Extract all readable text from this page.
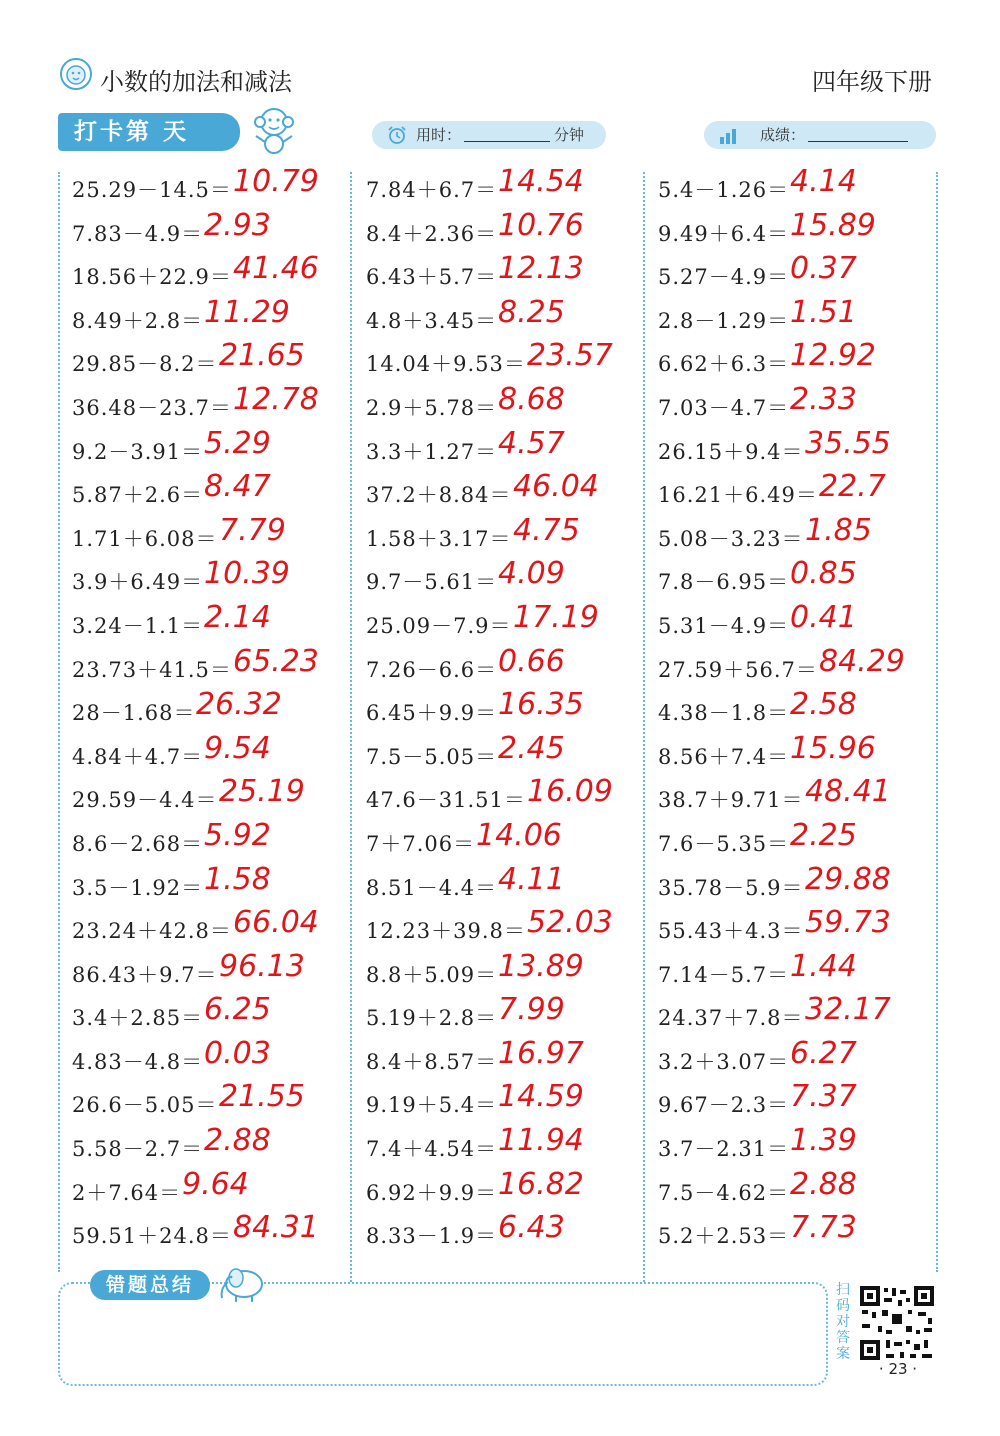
小数的加法和减法	四年级下册
打卡第 天	用时：	分钟	成绩：
25.29－14.5＝ 10.79
7.83－4.9＝ 2.93
18.56＋22.9＝ 41.46
8.49＋2.8＝ 11.29
29.85－8.2＝ 21.65
36.48－23.7＝ 12.78
9.2－3.91＝ 5.29
5.87＋2.6＝ 8.47
1.71＋6.08＝ 7.79
3.9＋6.49＝ 10.39
3.24－1.1＝ 2.14
23.73＋41.5＝ 65.23
28－1.68＝ 26.32
4.84＋4.7＝ 9.54
29.59－4.4＝ 25.19
8.6－2.68＝ 5.92
3.5－1.92＝ 1.58
23.24＋42.8＝ 66.04
86.43＋9.7＝ 96.13
3.4＋2.85＝ 6.25
4.83－4.8＝ 0.03
26.6－5.05＝ 21.55
5.58－2.7＝ 2.88
2＋7.64＝ 9.64
59.51＋24.8＝ 84.31
7.84＋6.7＝ 14.54
8.4＋2.36＝ 10.76
6.43＋5.7＝ 12.13
4.8＋3.45＝ 8.25
14.04＋9.53＝ 23.57
2.9＋5.78＝ 8.68
3.3＋1.27＝ 4.57
37.2＋8.84＝ 46.04
1.58＋3.17＝ 4.75
9.7－5.61＝ 4.09
25.09－7.9＝ 17.19
7.26－6.6＝ 0.66
6.45＋9.9＝ 16.35
7.5－5.05＝ 2.45
47.6－31.51＝ 16.09
7＋7.06＝ 14.06
8.51－4.4＝ 4.11
12.23＋39.8＝ 52.03
8.8＋5.09＝ 13.89
5.19＋2.8＝ 7.99
8.4＋8.57＝ 16.97
9.19＋5.4＝ 14.59
7.4＋4.54＝ 11.94
6.92＋9.9＝ 16.82
8.33－1.9＝ 6.43
5.4－1.26＝ 4.14
9.49＋6.4＝ 15.89
5.27－4.9＝ 0.37
2.8－1.29＝ 1.51
6.62＋6.3＝ 12.92
7.03－4.7＝ 2.33
26.15＋9.4＝ 35.55
16.21＋6.49＝ 22.7
5.08－3.23＝ 1.85
7.8－6.95＝ 0.85
5.31－4.9＝ 0.41
27.59＋56.7＝ 84.29
4.38－1.8＝ 2.58
8.56＋7.4＝ 15.96
38.7＋9.71＝ 48.41
7.6－5.35＝ 2.25
35.78－5.9＝ 29.88
55.43＋4.3＝ 59.73
7.14－5.7＝ 1.44
24.37＋7.8＝ 32.17
3.2＋3.07＝ 6.27
9.67－2.3＝ 7.37
3.7－2.31＝ 1.39
7.5－4.62＝ 2.88
5.2＋2.53＝ 7.73
错题总结	扫码对答案
· 23 ·
